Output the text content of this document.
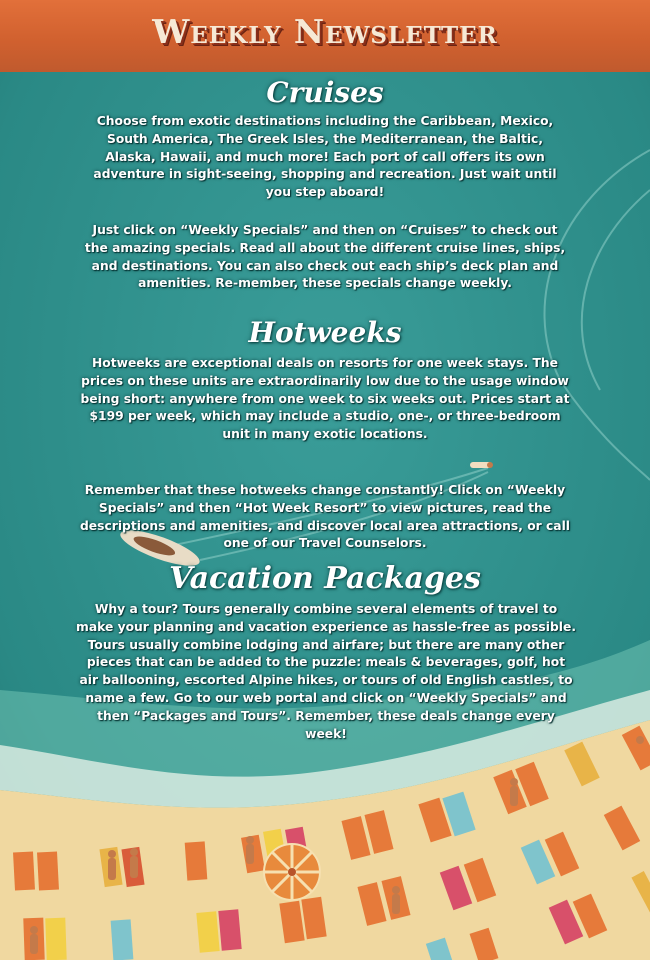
Weekly Newsletter
Cruises

Choose from exotic destinations including the Caribbean, Mexico, South America, The Greek Isles, the Mediterranean, the Baltic, Alaska, Hawaii, and much more! Each port of call offers its own adventure in sight-seeing, shopping and recreation. Just wait until you step aboard!

Just click on “Weekly Specials” and then on “Cruises” to check out the amazing specials. Read all about the different cruise lines, ships, and destinations. You can also check out each ship’s deck plan and amenities. Re-member, these specials change weekly.

Hotweeks

Hotweeks are exceptional deals on resorts for one week stays. The prices on these units are extraordinarily low due to the usage window being short: anywhere from one week to six weeks out. Prices start at $199 per week, which may include a studio, one-, or three-bedroom unit in many exotic locations.

Remember that these hotweeks change constantly! Click on “Weekly Specials” and then “Hot Week Resort” to view pictures, read the descriptions and amenities, and discover local area attractions, or call one of our Travel Counselors.

Vacation Packages

Why a tour? Tours generally combine several elements of travel to make your planning and vacation experience as hassle-free as possible. Tours usually combine lodging and airfare; but there are many other pieces that can be added to the puzzle: meals & beverages, golf, hot air ballooning, escorted Alpine hikes, or tours of old English castles, to name a few. Go to our web portal and click on “Weekly Specials” and then “Packages and Tours”. Remember, these deals change every week!
